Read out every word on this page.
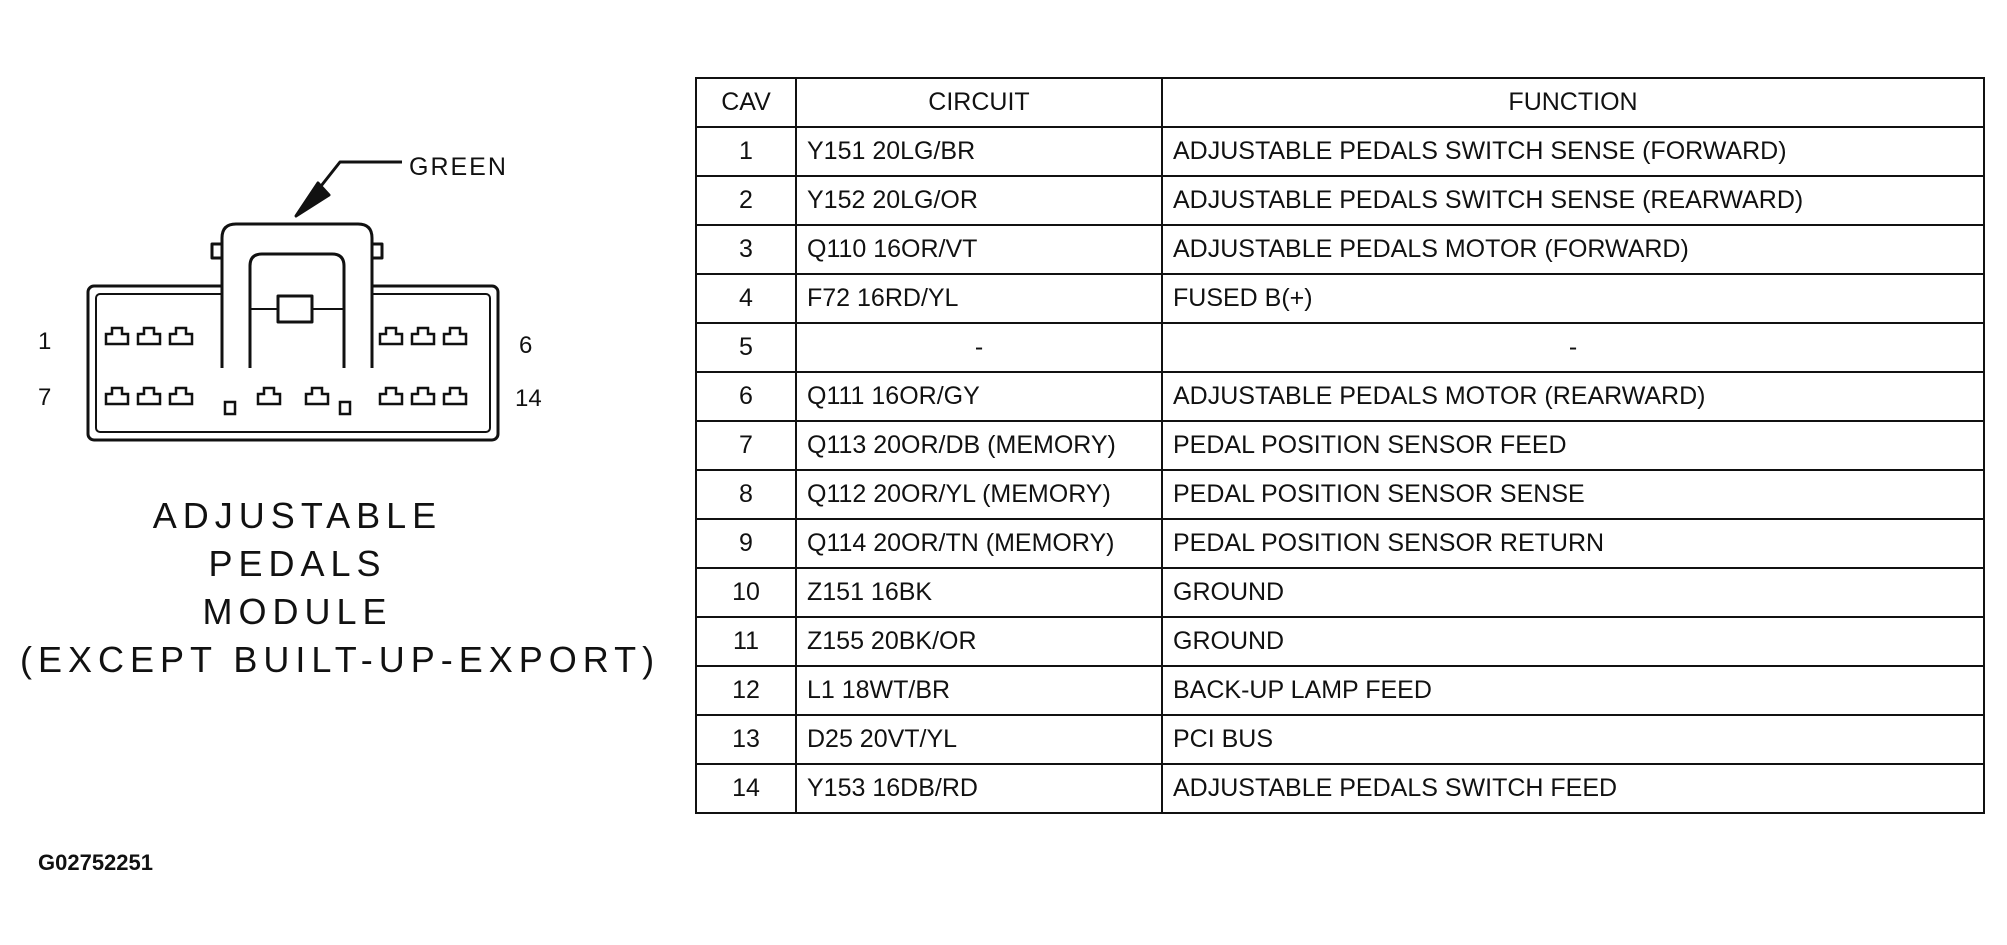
GREEN
1
7
6
14
ADJUSTABLE
PEDALS
MODULE
(EXCEPT BUILT-UP-EXPORT)
G02752251
CAV	CIRCUIT	FUNCTION
1	Y151 20LG/BR	ADJUSTABLE PEDALS SWITCH SENSE (FORWARD)
2	Y152 20LG/OR	ADJUSTABLE PEDALS SWITCH SENSE (REARWARD)
3	Q110 16OR/VT	ADJUSTABLE PEDALS MOTOR (FORWARD)
4	F72 16RD/YL	FUSED B(+)
5	-	-
6	Q111 16OR/GY	ADJUSTABLE PEDALS MOTOR (REARWARD)
7	Q113 20OR/DB (MEMORY)	PEDAL POSITION SENSOR FEED
8	Q112 20OR/YL (MEMORY)	PEDAL POSITION SENSOR SENSE
9	Q114 20OR/TN (MEMORY)	PEDAL POSITION SENSOR RETURN
10	Z151 16BK	GROUND
11	Z155 20BK/OR	GROUND
12	L1 18WT/BR	BACK-UP LAMP FEED
13	D25 20VT/YL	PCI BUS
14	Y153 16DB/RD	ADJUSTABLE PEDALS SWITCH FEED
